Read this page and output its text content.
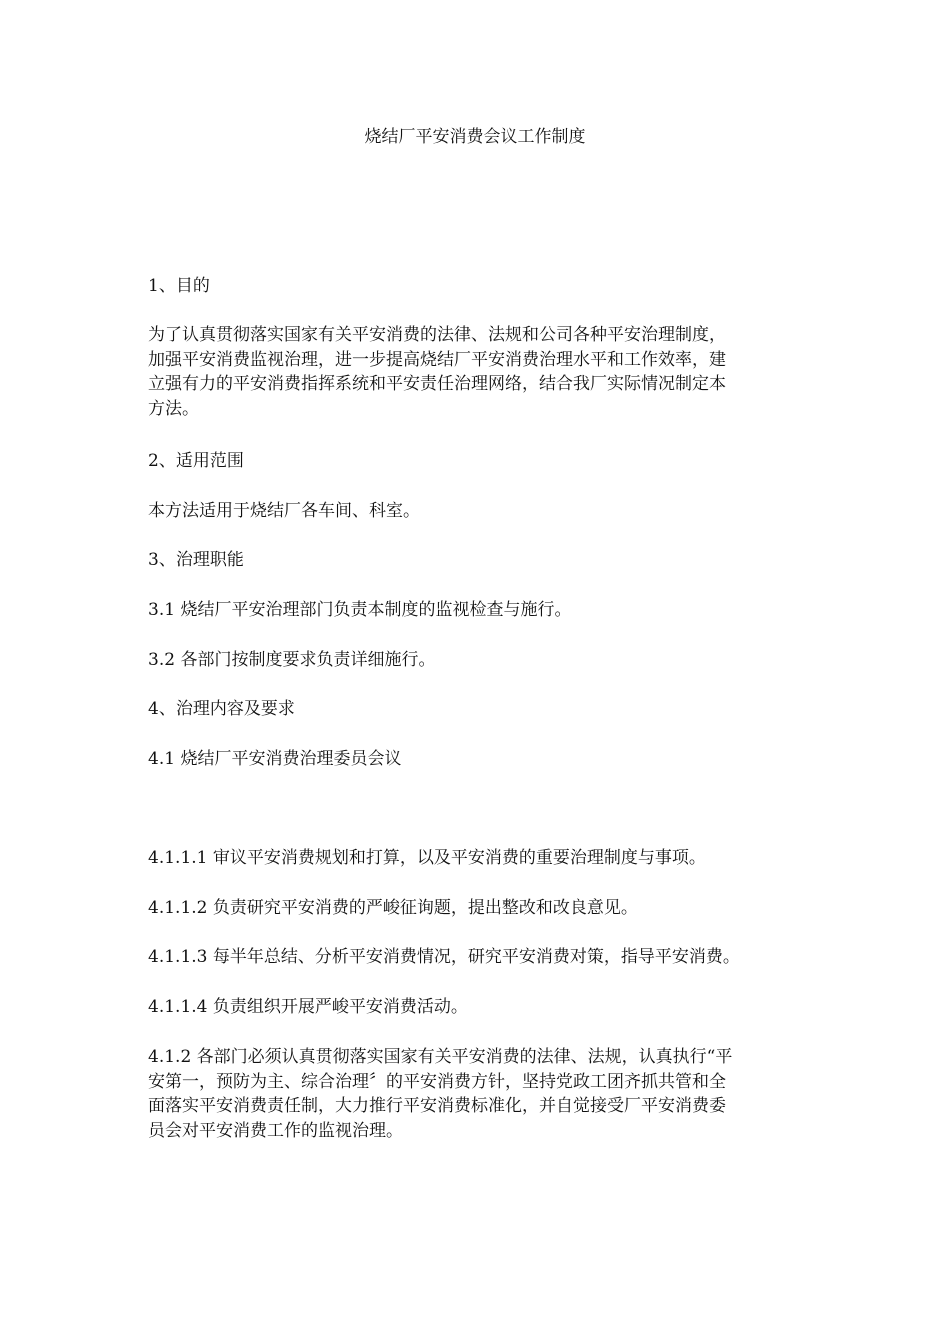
烧结厂平安消费会议工作制度
1、目的
为了认真贯彻落实国家有关平安消费的法律、法规和公司各种平安治理制度，
加强平安消费监视治理，进一步提高烧结厂平安消费治理水平和工作效率，建
立强有力的平安消费指挥系统和平安责任治理网络，结合我厂实际情况制定本
方法。
2、适用范围
本方法适用于烧结厂各车间、科室。
3、治理职能
3.1 烧结厂平安治理部门负责本制度的监视检查与施行。
3.2 各部门按制度要求负责详细施行。
4、治理内容及要求
4.1 烧结厂平安消费治理委员会议
4.1.1.1 审议平安消费规划和打算，以及平安消费的重要治理制度与事项。
4.1.1.2 负责研究平安消费的严峻征询题，提出整改和改良意见。
4.1.1.3 每半年总结、分析平安消费情况，研究平安消费对策，指导平安消费。
4.1.1.4 负责组织开展严峻平安消费活动。
4.1.2 各部门必须认真贯彻落实国家有关平安消费的法律、法规，认真执行“平
安第一，预防为主、综合治理〞的平安消费方针，坚持党政工团齐抓共管和全
面落实平安消费责任制，大力推行平安消费标准化，并自觉接受厂平安消费委
员会对平安消费工作的监视治理。
